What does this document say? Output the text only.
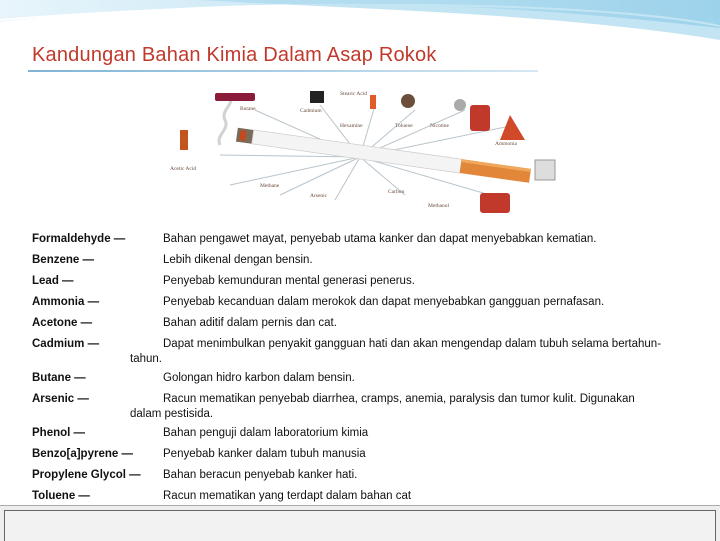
Kandungan Bahan Kimia Dalam Asap Rokok
Butane	Cadmium
Stearic Acid
Hexamine	Toluene	Nicotine
Ammonia
Acetic Acid
Methane
Arsenic
Carbon
Methanol
Formaldehyde —	Bahan pengawet mayat, penyebab utama kanker dan dapat menyebabkan kematian.
Benzene —	Lebih dikenal dengan bensin.
Lead —	Penyebab kemunduran mental generasi penerus.
Ammonia —	Penyebab kecanduan dalam merokok dan dapat menyebabkan gangguan pernafasan.
Acetone —	Bahan aditif dalam pernis dan cat.
Cadmium —	Dapat menimbulkan penyakit gangguan hati dan akan mengendap dalam tubuh selama bertahun-
tahun.
Butane —	Golongan hidro karbon dalam bensin.
Arsenic —	Racun mematikan penyebab diarrhea, cramps, anemia, paralysis dan tumor kulit. Digunakan
dalam pestisida.
Phenol —	Bahan penguji dalam laboratorium kimia
Benzo[a]pyrene —	Penyebab kanker dalam tubuh manusia
Propylene Glycol — Bahan beracun penyebab kanker hati.
Toluene —	Racun mematikan yang terdapt dalam bahan cat
